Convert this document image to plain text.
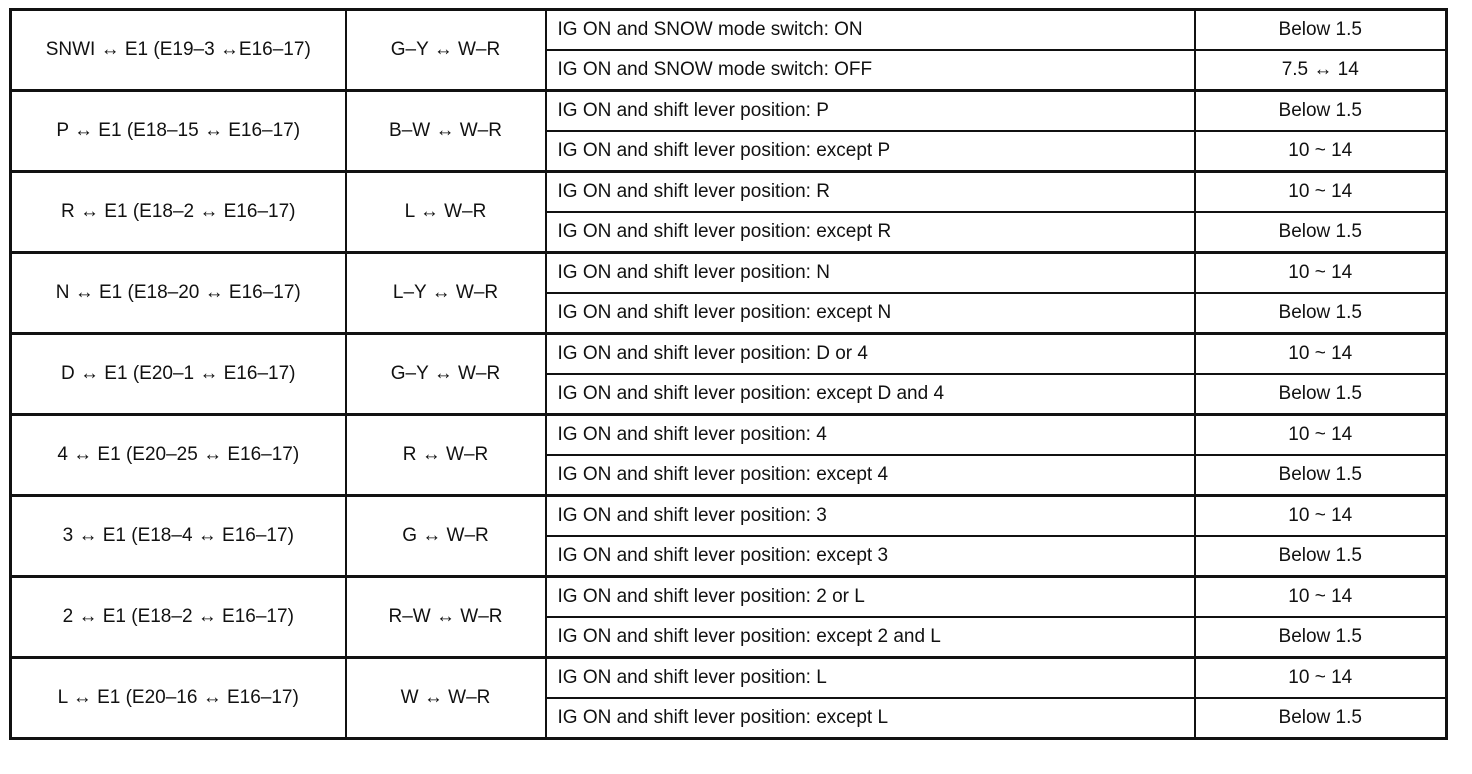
SNWI ↔ E1 (E19–3 ↔E16–17)	G–Y ↔ W–R	IG ON and SNOW mode switch: ON	Below 1.5
		IG ON and SNOW mode switch: OFF	7.5 ↔ 14
P ↔ E1 (E18–15 ↔ E16–17)	B–W ↔ W–R	IG ON and shift lever position: P	Below 1.5
		IG ON and shift lever position: except P	10 ~ 14
R ↔ E1 (E18–2 ↔ E16–17)	L ↔ W–R	IG ON and shift lever position: R	10 ~ 14
		IG ON and shift lever position: except R	Below 1.5
N ↔ E1 (E18–20 ↔ E16–17)	L–Y ↔ W–R	IG ON and shift lever position: N	10 ~ 14
		IG ON and shift lever position: except N	Below 1.5
D ↔ E1 (E20–1 ↔ E16–17)	G–Y ↔ W–R	IG ON and shift lever position: D or 4	10 ~ 14
		IG ON and shift lever position: except D and 4	Below 1.5
4 ↔ E1 (E20–25 ↔ E16–17)	R ↔ W–R	IG ON and shift lever position: 4	10 ~ 14
		IG ON and shift lever position: except 4	Below 1.5
3 ↔ E1 (E18–4 ↔ E16–17)	G ↔ W–R	IG ON and shift lever position: 3	10 ~ 14
		IG ON and shift lever position: except 3	Below 1.5
2 ↔ E1 (E18–2 ↔ E16–17)	R–W ↔ W–R	IG ON and shift lever position: 2 or L	10 ~ 14
		IG ON and shift lever position: except 2 and L	Below 1.5
L ↔ E1 (E20–16 ↔ E16–17)	W ↔ W–R	IG ON and shift lever position: L	10 ~ 14
		IG ON and shift lever position: except L	Below 1.5
